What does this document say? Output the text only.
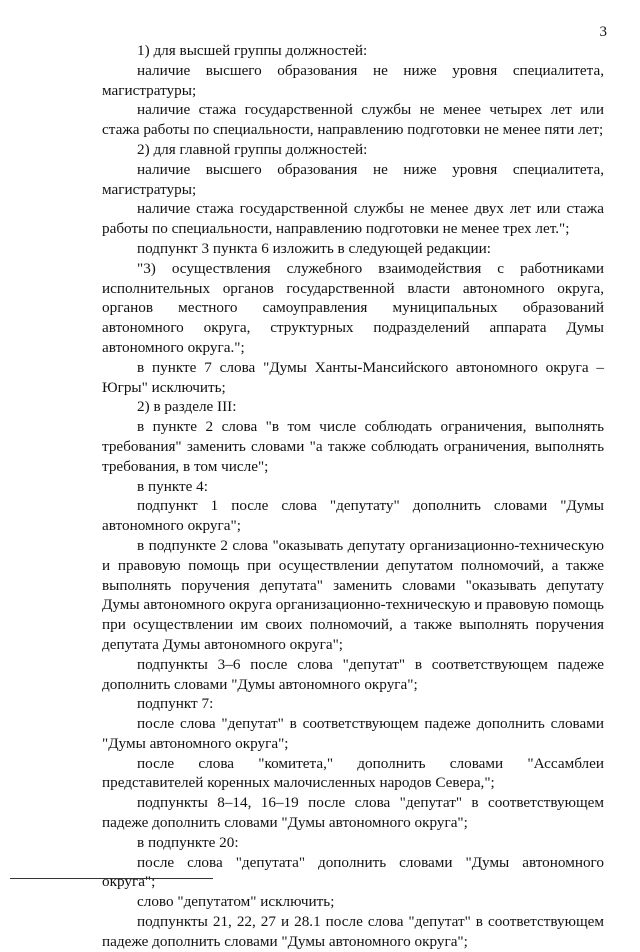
3

1) для высшей группы должностей:

наличие высшего образования не ниже уровня специалитета, магистратуры;

наличие стажа государственной службы не менее четырех лет или стажа работы по специальности, направлению подготовки не менее пяти лет;

2) для главной группы должностей:

наличие высшего образования не ниже уровня специалитета, магистратуры;

наличие стажа государственной службы не менее двух лет или стажа работы по специальности, направлению подготовки не менее трех лет.";

подпункт 3 пункта 6 изложить в следующей редакции:

"3) осуществления служебного взаимодействия с работниками исполнительных органов государственной власти автономного округа, органов местного самоуправления муниципальных образований автономного округа, структурных подразделений аппарата Думы автономного округа.";

в пункте 7 слова "Думы Ханты-Мансийского автономного округа – Югры" исключить;

2) в разделе III:

в пункте 2 слова "в том числе соблюдать ограничения, выполнять требования" заменить словами "а также соблюдать ограничения, выполнять требования, в том числе";

в пункте 4:

подпункт 1 после слова "депутату" дополнить словами "Думы автономного округа";

в подпункте 2 слова "оказывать депутату организационно-техническую и правовую помощь при осуществлении депутатом полномочий, а также выполнять поручения депутата" заменить словами "оказывать депутату Думы автономного округа организационно-техническую и правовую помощь при осуществлении им своих полномочий, а также выполнять поручения депутата Думы автономного округа";

подпункты 3–6 после слова "депутат" в соответствующем падеже дополнить словами "Думы автономного округа";

подпункт 7:

после слова "депутат" в соответствующем падеже дополнить словами "Думы автономного округа";

после слова "комитета," дополнить словами "Ассамблеи представителей коренных малочисленных народов Севера,";

подпункты 8–14, 16–19 после слова "депутат" в соответствующем падеже дополнить словами "Думы автономного округа";

в подпункте 20:

после слова "депутата" дополнить словами "Думы автономного округа";

слово "депутатом" исключить;

подпункты 21, 22, 27 и 28.1 после слова "депутат" в соответствующем падеже дополнить словами "Думы автономного округа";
